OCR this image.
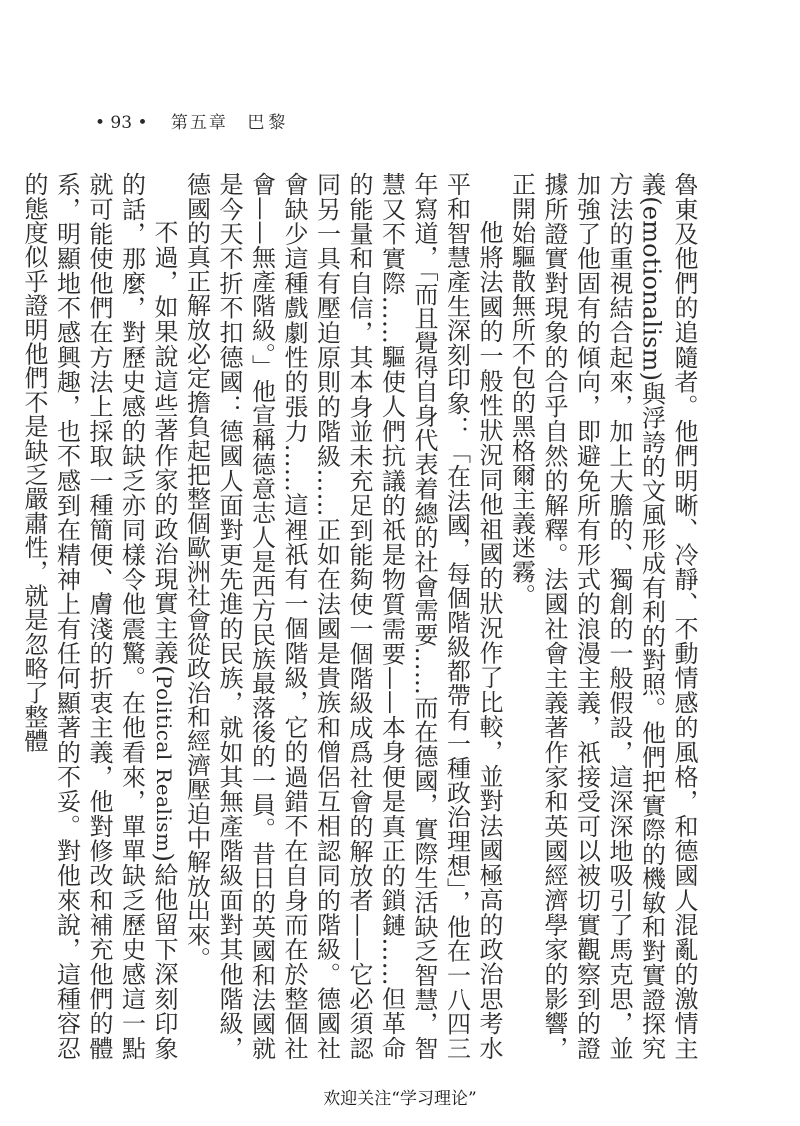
• 93 • 第五章 巴黎

魯東及他們的追隨者。他們明晰、冷靜、不動情感的風格，和德國人混亂的激情主義(emotionalism)與浮誇的文風形成有利的對照。他們把實際的機敏和對實證探究方法的重視結合起來，加上大膽的、獨創的一般假設，這深深地吸引了馬克思，並加強了他固有的傾向，即避免所有形式的浪漫主義，祇接受可以被切實觀察到的證據所證實對現象的合乎自然的解釋。法國社會主義著作家和英國經濟學家的影響，正開始驅散無所不包的黑格爾主義迷霧。

他將法國的一般性狀況同他祖國的狀況作了比較，並對法國極高的政治思考水平和智慧產生深刻印象：「在法國，每個階級都帶有一種政治理想」，他在一八四三年寫道，「而且覺得自身代表着總的社會需要……而在德國，實際生活缺乏智慧，智慧又不實際……驅使人們抗議的祇是物質需要——本身便是真正的鎖鏈……但革命的能量和自信，其本身並未充足到能夠使一個階級成爲社會的解放者——它必須認同另一具有壓迫原則的階級……正如在法國是貴族和僧侶互相認同的階級。德國社會缺少這種戲劇性的張力……這裡祇有一個階級，它的過錯不在自身而在於整個社會——無產階級。」他宣稱德意志人是西方民族最落後的一員。昔日的英國和法國就是今天不折不扣德國：德國人面對更先進的民族，就如其無產階級面對其他階級，德國的真正解放必定擔負起把整個歐洲社會從政治和經濟壓迫中解放出來。

不過，如果說這些著作家的政治現實主義(Political Realism)給他留下深刻印象的話，那麼，對歷史感的缺乏亦同樣令他震驚。在他看來，單單缺乏歷史感這一點就可能使他們在方法上採取一種簡便、膚淺的折衷主義，他對修改和補充他們的體系，明顯地不感興趣，也不感到在精神上有任何顯著的不妥。對他來說，這種容忍的態度似乎證明他們不是缺乏嚴肅性，就是忽略了整體

欢迎关注“学习理论”
